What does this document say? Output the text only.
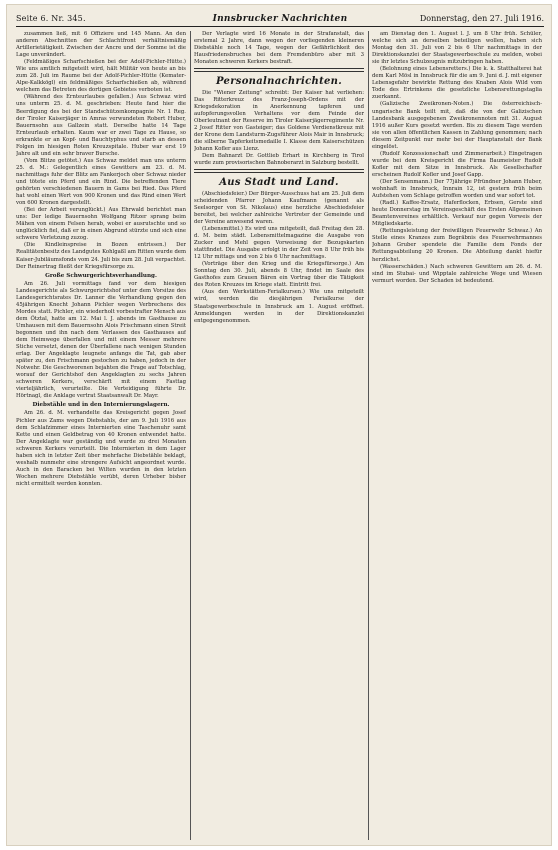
Seite 6. Nr. 345.	Innsbrucker Nachrichten	Donnerstag, den 27. Juli 1916.

zusammen ließ, mit 6 Offiziere und 145 Mann. An den anderen Abschnitten der Schlachtfront verhältnismäßig Artillerietätigkeit. Zwischen der Ancre und der Somme ist die Lage unverändert.

(Feldmäßiges Scharfschießen bei der Adolf-Pichler-Hütte.) Wie uns amtlich mitgeteilt wird, hält Militär von heute an bis zum 28. Juli im Raume bei der Adolf-Pichler-Hütte (Kemater-Alpe-Kalkkögl) ein feldmäßiges Scharfschießen ab, während welchem das Betreten des dortigen Gebietes verboten ist.

(Während des Ernteurlaubes gefallen.) Aus Schwaz wird uns unterm 25. d. M. geschrieben: Heute fand hier die Beerdigung des bei der Standschützenkompagnie Nr. 1 Reg. der Tiroler Kaiserjäger in Amras verwundeten Robert Huber, Bauernsohn aus Gallzein statt. Derselbe hatte 14 Tage Ernteurlaub erhalten. Kaum war er zwei Tage zu Hause, so erkrankte er an Kopf- und Bauchtyphus und starb an dessen Folgen im hiesigen Roten Kreuzspitale. Huber war erst 19 Jahre alt und ein sehr braver Bursche.

(Vom Blitze getötet.) Aus Schwaz meldet man uns unterm 25. d. M.: Gelegentlich eines Gewitters am 23. d. M. nachmittags fuhr der Blitz am Fankerjoch ober Schwaz nieder und tötete ein Pferd und ein Rind. Die betreffenden Tiere gehörten verschiedenen Bauern in Gams bei Ried. Das Pferd hat wohl einen Wert von 900 Kronen und das Rind einen Wert von 600 Kronen dargestellt.

(Bei der Arbeit verunglückt.) Aus Ehrwald berichtet man uns: Der ledige Bauernsohn Wolfgang Ritzer sprang beim Mähen von einem Felsen herab, wobei er ausrutschte und so unglücklich fiel, daß er in einen Abgrund stürzte und sich eine schwere Verletzung zuzog.

(Die Kindleinspreise in Bozen entrissen.) Der Realitätenbesitz des Landgutes Kohlgaßl am Ritten wurde dem Kaiser-Jubiläumsfonds vom 24. Juli bis zum 28. Juli verpachtet. Der Reinertrag fließt der Kriegsfürsorge zu.

Große Schwurgerichtsverhandlung.

Am 26. Juli vormittags fand vor dem hiesigen Landesgerichte als Schwurgerichtshof unter dem Vorsitze des Landesgerichtsrates Dr. Lanner die Verhandlung gegen den 45jährigen Knecht Johann Pichler wegen Verbrechens des Mordes statt. Pichler, ein wiederholt vorbestrafter Mensch aus dem Ötztal, hatte am 12. Mai l. J. abends im Gasthause zu Umhausen mit dem Bauernsohn Alois Frischmann einen Streit begonnen und ihn nach dem Verlassen des Gasthauses auf dem Heimwege überfallen und mit einem Messer mehrere Stiche versetzt, denen der Überfallene nach wenigen Stunden erlag. Der Angeklagte leugnete anfangs die Tat, gab aber später zu, den Frischmann gestochen zu haben, jedoch in der Notwehr. Die Geschworenen bejahten die Frage auf Totschlag, worauf der Gerichtshof den Angeklagten zu sechs Jahren schweren Kerkers, verschärft mit einem Fasttag vierteljährlich, verurteilte. Die Verteidigung führte Dr. Hörtnagl, die Anklage vertrat Staatsanwalt Dr. Mayr.

Diebstähle und in den Internierungslagern.

Am 26. d. M. verhandelte das Kreisgericht gegen Josef Pichler aus Zams wegen Diebstahls, der am 9. Juli 1916 aus dem Schlafzimmer eines Internierten eine Taschenuhr samt Kette und einen Geldbetrag von 40 Kronen entwendet hatte. Der Angeklagte war geständig und wurde zu drei Monaten schweren Kerkers verurteilt. Die Internierten in dem Lager haben sich in letzter Zeit über mehrfache Diebstähle beklagt, weshalb nunmehr eine strengere Aufsicht angeordnet wurde. Auch in den Baracken bei Wilten wurden in den letzten Wochen mehrere Diebstähle verübt, deren Urheber bisher nicht ermittelt werden konnten.

Der Verlagte wird 16 Monate in der Strafanstalt, das erstemal 2 Jahre, dann wegen der vorliegenden kleineren Diebstähle noch 14 Tage, wegen der Gefährlichkeit des Hausfriedensbruches bei dem Fremdenbüro aber mit 3 Monaten schweren Kerkers bestraft.

Personalnachrichten.

Die "Wiener Zeitung" schreibt: Der Kaiser hat verliehen: Das Ritterkreuz des Franz-Joseph-Ordens mit der Kriegsdekoration in Anerkennung tapferen und aufopferungsvollen Verhaltens vor dem Feinde der Oberleutnant der Reserve im Tiroler Kaiserjägerregimente Nr. 2 Josef Ritter von Gasteiger; das Goldene Verdienstkreuz mit der Krone dem Landsturm-Zugsführer Alois Mair in Innsbruck; die silberne Tapferkeitsmedaille I. Klasse dem Kaiserschützen Johann Kofler aus Lienz.

Dem Bahnarzt Dr. Gottlieb Erhart in Kirchberg in Tirol wurde zum provisorischen Bahnoberarzt in Salzburg bestellt.

Aus Stadt und Land.

(Abschiedsfeier.) Der Bürger-Ausschuss hat am 25. Juli dem scheidenden Pfarrer Johann Kaufmann (genannt als Seelsorger von St. Nikolaus) eine herzliche Abschiedsfeier bereitet, bei welcher zahlreiche Vertreter der Gemeinde und der Vereine anwesend waren.

(Lebensmittel.) Es wird uns mitgeteilt, daß Freitag den 28. d. M. beim städt. Lebensmittelmagazine die Ausgabe von Zucker und Mehl gegen Vorweisung der Bezugskarten stattfindet. Die Ausgabe erfolgt in der Zeit von 8 Uhr früh bis 12 Uhr mittags und von 2 bis 6 Uhr nachmittags.

(Vorträge über den Krieg und die Kriegsfürsorge.) Am Sonntag den 30. Juli, abends 8 Uhr, findet im Saale des Gasthofes zum Grauen Bären ein Vortrag über die Tätigkeit des Roten Kreuzes im Kriege statt. Eintritt frei.

(Aus den Werkstätten-Ferialkursen.) Wie uns mitgeteilt wird, werden die diesjährigen Ferialkurse der Staatsgewerbeschule in Innsbruck am 1. August eröffnet. Anmeldungen werden in der Direktionskanzlei entgegengenommen.

am Dienstag den 1. August l. J. um 8 Uhr früh. Schüler, welche sich an derselben beteiligen wollen, haben sich Montag den 31. Juli von 2 bis 6 Uhr nachmittags in der Direktionskanzlei der Staatsgewerbeschule zu melden, wobei sie ihr letztes Schulzeugnis mitzubringen haben.

(Belohnung eines Lebensretters.) Die k. k. Statthalterei hat dem Karl Mösl in Innsbruck für die am 9. Juni d. J. mit eigener Lebensgefahr bewirkte Rettung des Knaben Alois Wild vom Tode des Ertrinkens die gesetzliche Lebensrettungstaglia zuerkannt.

(Galizische Zweikronen-Noten.) Die österreichisch-ungarische Bank teilt mit, daß die von der Galizischen Landesbank ausgegebenen Zweikronennoten mit 31. August 1916 außer Kurs gesetzt werden. Bis zu diesem Tage werden sie von allen öffentlichen Kassen in Zahlung genommen; nach diesem Zeitpunkt nur mehr bei der Hauptanstalt der Bank eingelöst.

(Rudolf Konzessionschaft und Zimmerarbeit.) Eingetragen wurde bei dem Kreisgericht die Firma Baumeister Rudolf Kofler mit dem Sitze in Innsbruck. Als Gesellschafter erscheinen Rudolf Kofler und Josef Gapp.

(Der Sensenmann.) Der 77jährige Pfründner Johann Huber, wohnhaft in Innsbruck, Innrain 12, ist gestern früh beim Aufstehen vom Schlage getroffen worden und war sofort tot.

(Radl.) Kaffee-Ersatz, Haferflocken, Erbsen, Gerste sind heute Donnerstag im Vereinsgeschäft des Ersten Allgemeinen Beamtenvereines erhältlich. Verkauf nur gegen Vorweis der Mitgliedskarte.

(Rettungsleistung der freiwilligen Feuerwehr Schwaz.) An Stelle eines Kranzes zum Begräbnis des Feuerwehrmannes Johann Gruber spendete die Familie dem Fonds der Rettungsabteilung 20 Kronen. Die Abteilung dankt hiefür herzlichst.

(Wasserschäden.) Nach schweren Gewittern am 26. d. M. sind im Stubai- und Wipptale zahlreiche Wege und Wiesen vermurt worden. Der Schaden ist bedeutend.
